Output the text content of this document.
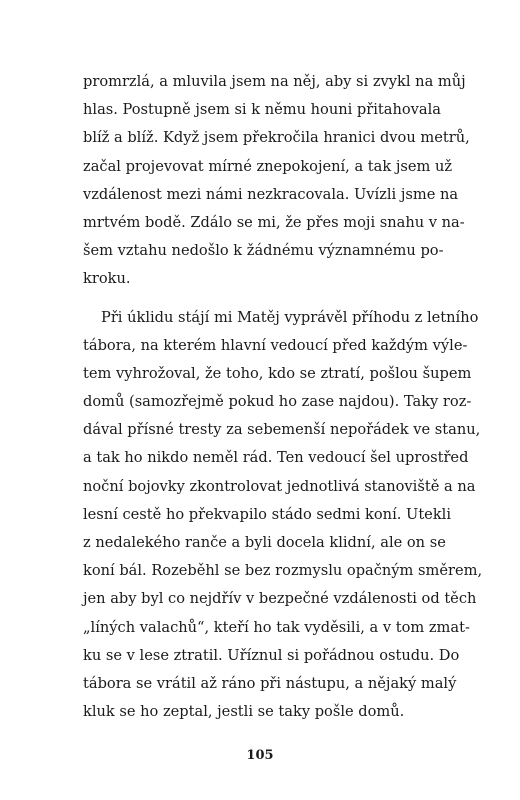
promrzlá, a mluvila jsem na něj, aby si zvykl na můj
hlas. Postupně jsem si k němu houni přitahovala
blíž a blíž. Když jsem překročila hranici dvou metrů,
začal projevovat mírné znepokojení, a tak jsem už
vzdálenost mezi námi nezkracovala. Uvízli jsme na
mrtvém bodě. Zdálo se mi, že přes moji snahu v na-
šem vztahu nedošlo k žádnému významnému po-
kroku.
Při úklidu stájí mi Matěj vyprávěl příhodu z letního
tábora, na kterém hlavní vedoucí před každým výle-
tem vyhrožoval, že toho, kdo se ztratí, pošlou šupem
domů (samozřejmě pokud ho zase najdou). Taky roz-
dával přísné tresty za sebemenší nepořádek ve stanu,
a tak ho nikdo neměl rád. Ten vedoucí šel uprostřed
noční bojovky zkontrolovat jednotlivá stanoviště a na
lesní cestě ho překvapilo stádo sedmi koní. Utekli
z nedalekého ranče a byli docela klidní, ale on se
koní bál. Rozeběhl se bez rozmyslu opačným směrem,
jen aby byl co nejdřív v bezpečné vzdálenosti od těch
„líných valachů“, kteří ho tak vyděsili, a v tom zmat-
ku se v lese ztratil. Uříznul si pořádnou ostudu. Do
tábora se vrátil až ráno při nástupu, a nějaký malý
kluk se ho zeptal, jestli se taky pošle domů.
105
